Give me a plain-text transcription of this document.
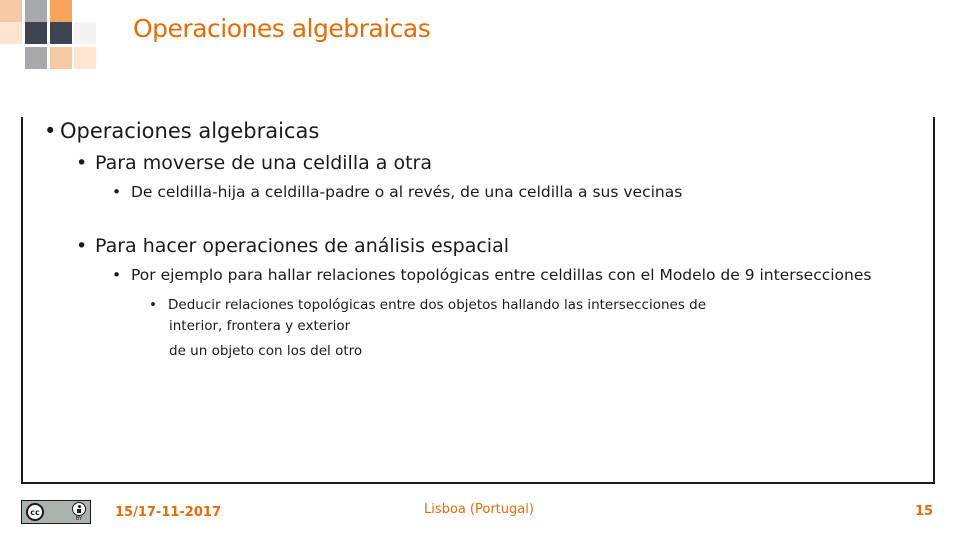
Operaciones algebraicas
• Operaciones algebraicas
• Para moverse de una celdilla a otra
• De celdilla-hija a celdilla-padre o al revés, de una celdilla a sus vecinas
• Para hacer operaciones de análisis espacial
• Por ejemplo para hallar relaciones topológicas entre celdillas con el Modelo de 9 intersecciones
• Deducir relaciones topológicas entre dos objetos hallando las intersecciones de
interior, frontera y exterior
de un objeto con los del otro
cc
BY	15/17-11-2017	Lisboa (Portugal)	15
